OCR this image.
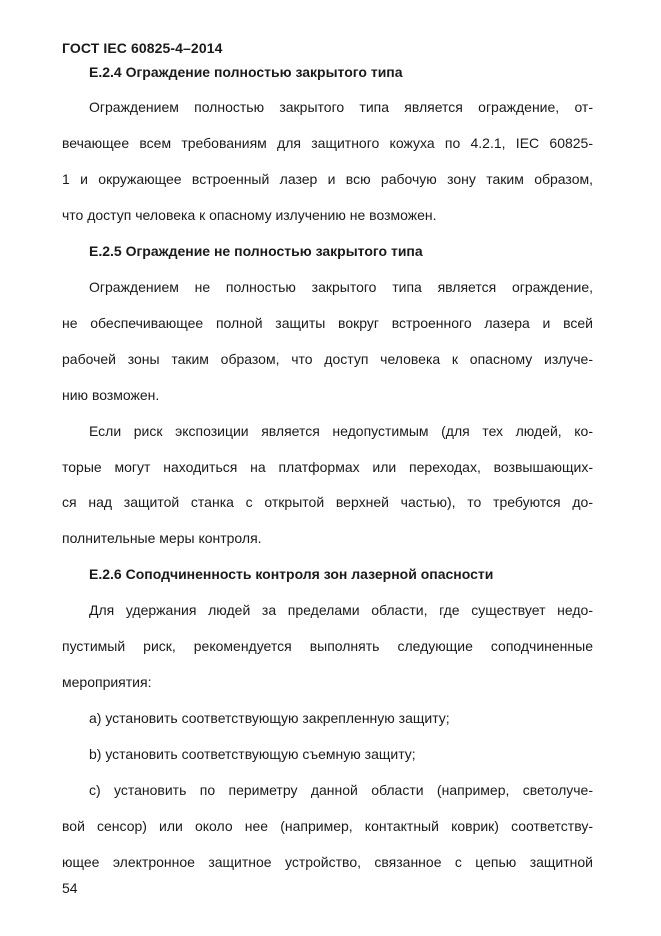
ГОСТ IEC 60825-4–2014
E.2.4 Ограждение полностью закрытого типа
Ограждением полностью закрытого типа является ограждение, от-
вечающее всем требованиям для защитного кожуха по 4.2.1, IEC 60825-
1 и окружающее встроенный лазер и всю рабочую зону таким образом,
что доступ человека к опасному излучению не возможен.
E.2.5 Ограждение не полностью закрытого типа
Ограждением не полностью закрытого типа является ограждение,
не обеспечивающее полной защиты вокруг встроенного лазера и всей
рабочей зоны таким образом, что доступ человека к опасному излуче-
нию возможен.
Если риск экспозиции является недопустимым (для тех людей, ко-
торые могут находиться на платформах или переходах, возвышающих-
ся над защитой станка с открытой верхней частью), то требуются до-
полнительные меры контроля.
E.2.6 Соподчиненность контроля зон лазерной опасности
Для удержания людей за пределами области, где существует недо-
пустимый риск, рекомендуется выполнять следующие соподчиненные
мероприятия:
а) установить соответствующую закрепленную защиту;
b) установить соответствующую съемную защиту;
с) установить по периметру данной области (например, светолуче-
вой сенсор) или около нее (например, контактный коврик) соответству-
ющее электронное защитное устройство, связанное с цепью защитной
54
